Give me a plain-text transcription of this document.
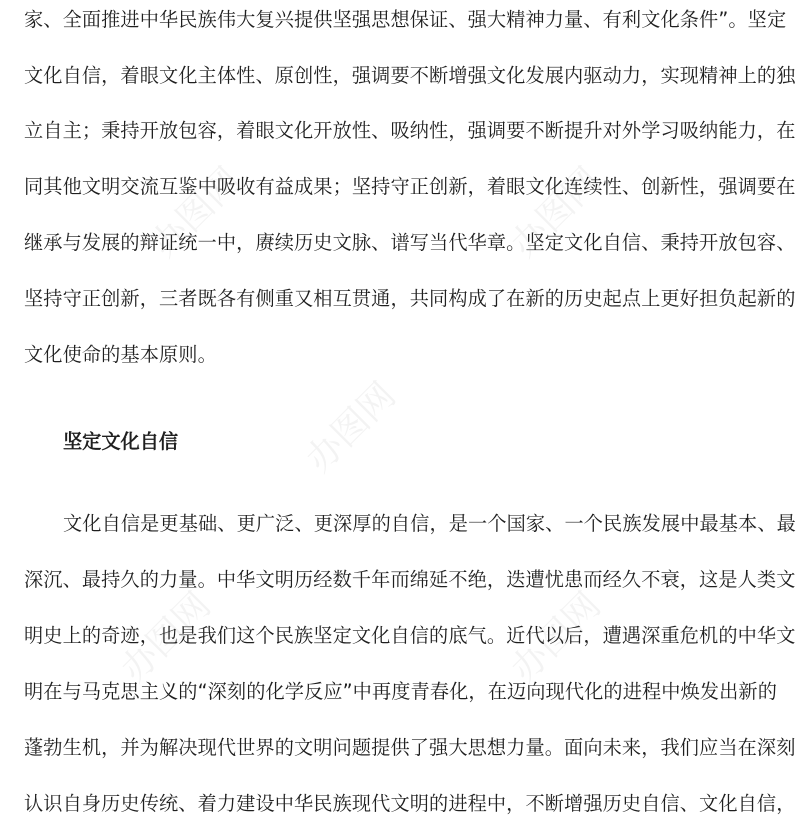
家、全面推进中华民族伟大复兴提供坚强思想保证、强大精神力量、有利文化条件”。坚定
文化自信，着眼文化主体性、原创性，强调要不断增强文化发展内驱动力，实现精神上的独
立自主；秉持开放包容，着眼文化开放性、吸纳性，强调要不断提升对外学习吸纳能力，在
同其他文明交流互鉴中吸收有益成果；坚持守正创新，着眼文化连续性、创新性，强调要在
继承与发展的辩证统一中，赓续历史文脉、谱写当代华章。坚定文化自信、秉持开放包容、
坚持守正创新，三者既各有侧重又相互贯通，共同构成了在新的历史起点上更好担负起新的
文化使命的基本原则。
坚定文化自信
文化自信是更基础、更广泛、更深厚的自信，是一个国家、一个民族发展中最基本、最
深沉、最持久的力量。中华文明历经数千年而绵延不绝，迭遭忧患而经久不衰，这是人类文
明史上的奇迹，也是我们这个民族坚定文化自信的底气。近代以后，遭遇深重危机的中华文
明在与马克思主义的“深刻的化学反应”中再度青春化，在迈向现代化的进程中焕发出新的
蓬勃生机，并为解决现代世界的文明问题提供了强大思想力量。面向未来，我们应当在深刻
认识自身历史传统、着力建设中华民族现代文明的进程中，不断增强历史自信、文化自信，
办图网	办图网
办图网
办图网	办图网
